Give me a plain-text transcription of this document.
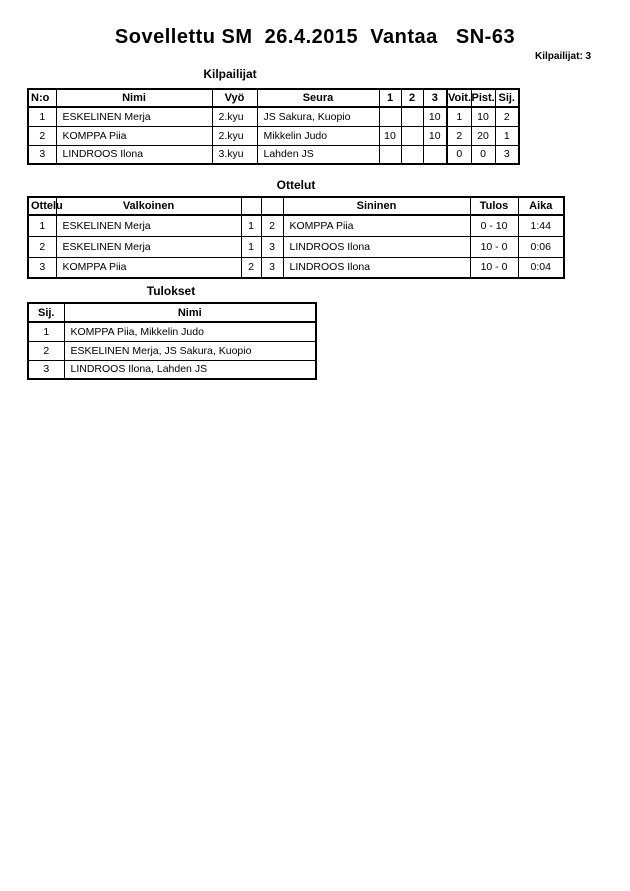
Sovellettu SM  26.4.2015  Vantaa   SN-63
Kilpailijat: 3
Kilpailijat
N:o	Nimi	Vyö	Seura	1	2	3	Voit.	Pist.	Sij.
1	ESKELINEN Merja	2.kyu	JS Sakura, Kuopio			10	1	10	2
2	KOMPPA Piia	2.kyu	Mikkelin Judo	10		10	2	20	1
3	LINDROOS Ilona	3.kyu	Lahden JS				0	0	3
Ottelut
Ottelu	Valkoinen			Sininen	Tulos	Aika
1	ESKELINEN Merja	1	2	KOMPPA Piia	0 - 10	1:44
2	ESKELINEN Merja	1	3	LINDROOS Ilona	10 - 0	0:06
3	KOMPPA Piia	2	3	LINDROOS Ilona	10 - 0	0:04
Tulokset
Sij.	Nimi
1	KOMPPA Piia, Mikkelin Judo
2	ESKELINEN Merja, JS Sakura, Kuopio
3	LINDROOS Ilona, Lahden JS
